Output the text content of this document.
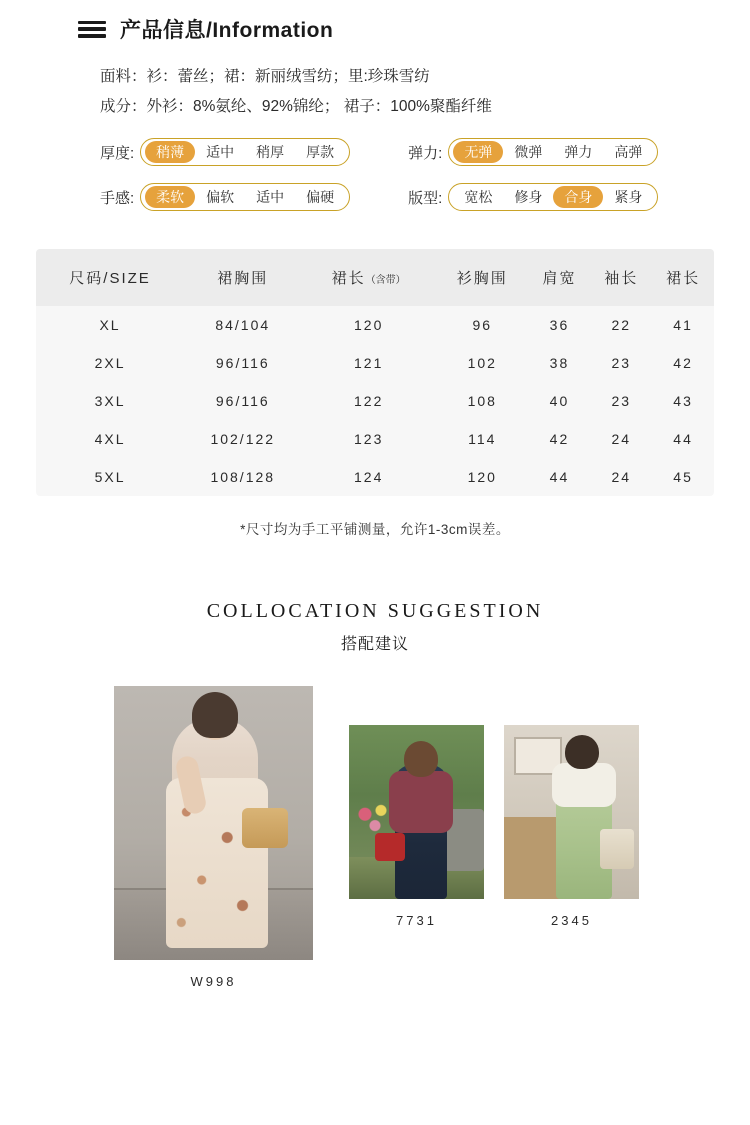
产品信息/Information
面料：衫：蕾丝；裙：新丽绒雪纺；里:珍珠雪纺
成分：外衫：8%氨纶、92%锦纶； 裙子：100%聚酯纤维
厚度:	稍薄	适中	稍厚	厚款	弹力:	无弹	微弹	弹力	高弹
手感:	柔软	偏软	适中	偏硬	版型:	宽松	修身	合身	紧身
尺码/SIZE	裙胸围	裙长（含带）	衫胸围	肩宽	袖长	裙长
XL	84/104	120	96	36	22	41
2XL	96/116	121	102	38	23	42
3XL	96/116	122	108	40	23	43
4XL	102/122	123	114	42	24	44
5XL	108/128	124	120	44	24	45
*尺寸均为手工平铺测量，允许1-3cm误差。
COLLOCATION SUGGESTION
搭配建议
W998
7731	2345
